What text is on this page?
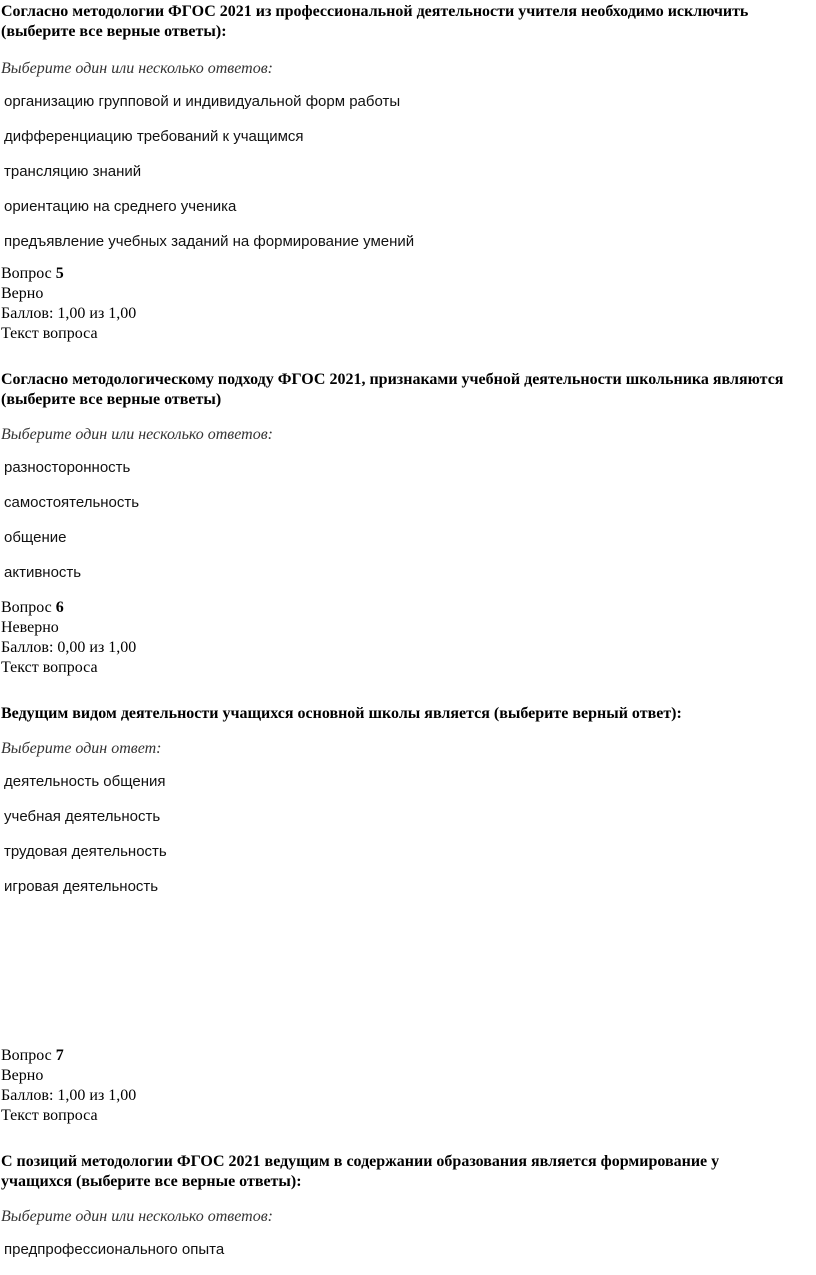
Согласно методологии ФГОС 2021 из профессиональной деятельности учителя необходимо исключить (выберите все верные ответы):

Выберите один или несколько ответов:
организацию групповой и индивидуальной форм работы
дифференциацию требований к учащимся
трансляцию знаний
ориентацию на среднего ученика
предъявление учебных заданий на формирование умений
Вопрос 5
Верно
Баллов: 1,00 из 1,00
Текст вопроса

Согласно методологическому подходу ФГОС 2021, признаками учебной деятельности школьника являются (выберите все верные ответы)

Выберите один или несколько ответов:
разносторонность
самостоятельность
общение
активность
Вопрос 6
Неверно
Баллов: 0,00 из 1,00
Текст вопроса

Ведущим видом деятельности учащихся основной школы является (выберите верный ответ):

Выберите один ответ:
деятельность общения
учебная деятельность
трудовая деятельность
игровая деятельность
Вопрос 7
Верно
Баллов: 1,00 из 1,00
Текст вопроса

С позиций методологии ФГОС 2021 ведущим в содержании образования является формирование у учащихся (выберите все верные ответы):

Выберите один или несколько ответов:
предпрофессионального опыта
